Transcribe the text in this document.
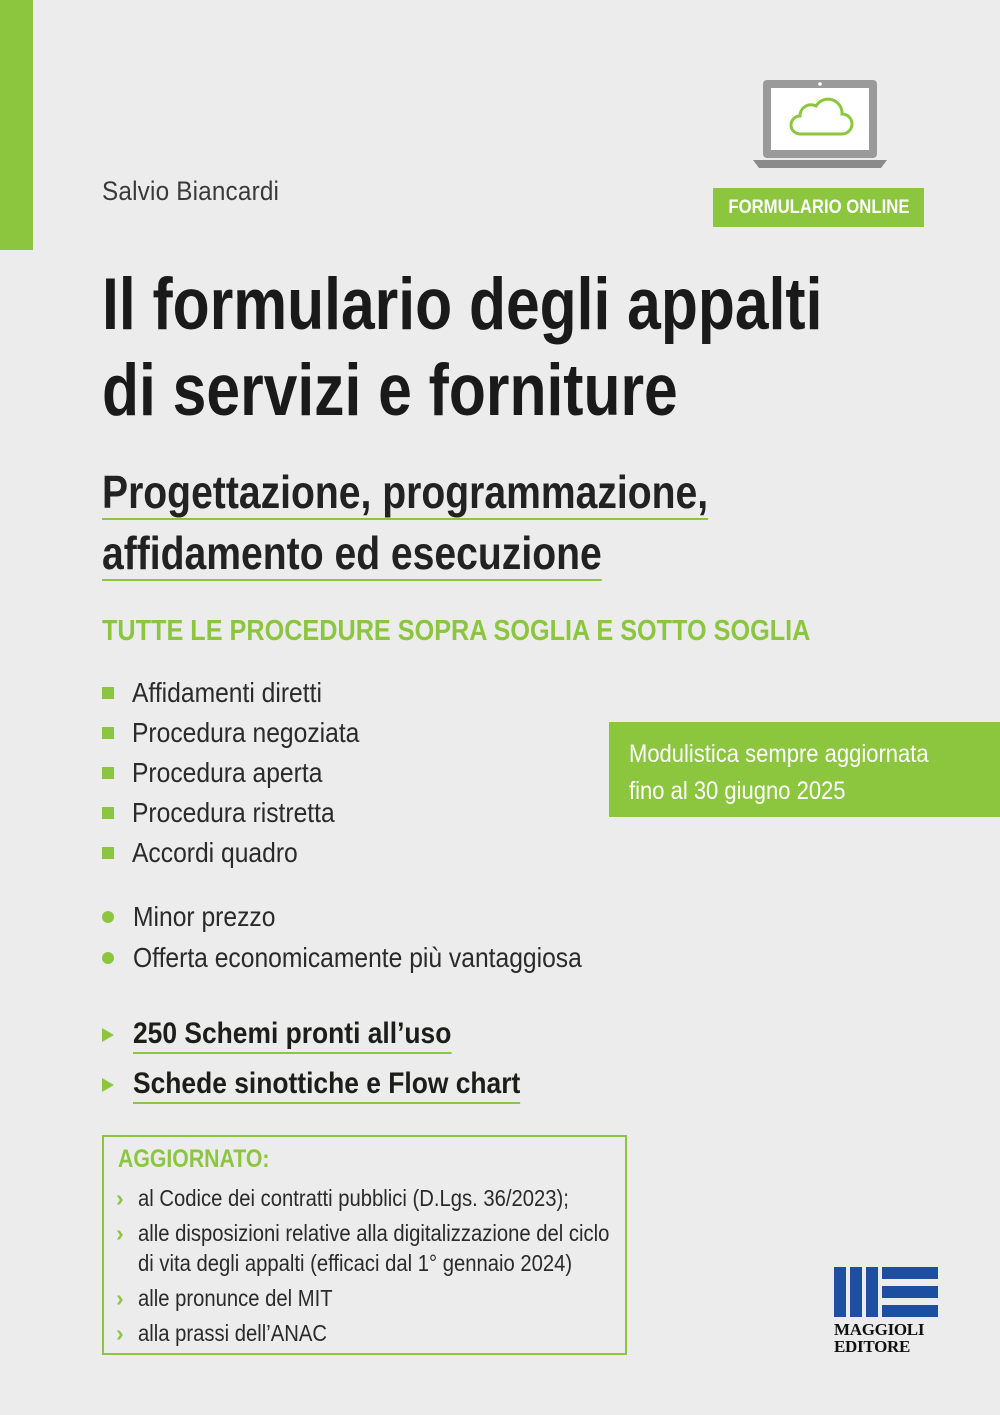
Salvio Biancardi
FORMULARIO ONLINE
Il formulario degli appalti
di servizi e forniture
Progettazione, programmazione,
affidamento ed esecuzione
TUTTE LE PROCEDURE SOPRA SOGLIA E SOTTO SOGLIA
Affidamenti diretti
Procedura negoziata
Procedura aperta
Procedura ristretta
Accordi quadro
Modulistica sempre aggiornata
fino al 30 giugno 2025
Minor prezzo
Offerta economicamente più vantaggiosa
250 Schemi pronti all’uso
Schede sinottiche e Flow chart
AGGIORNATO:
› al Codice dei contratti pubblici (D.Lgs. 36/2023);
› alle disposizioni relative alla digitalizzazione del ciclo
di vita degli appalti (efficaci dal 1° gennaio 2024)
› alle pronunce del MIT
› alla prassi dell’ANAC	MAGGIOLI
EDITORE
